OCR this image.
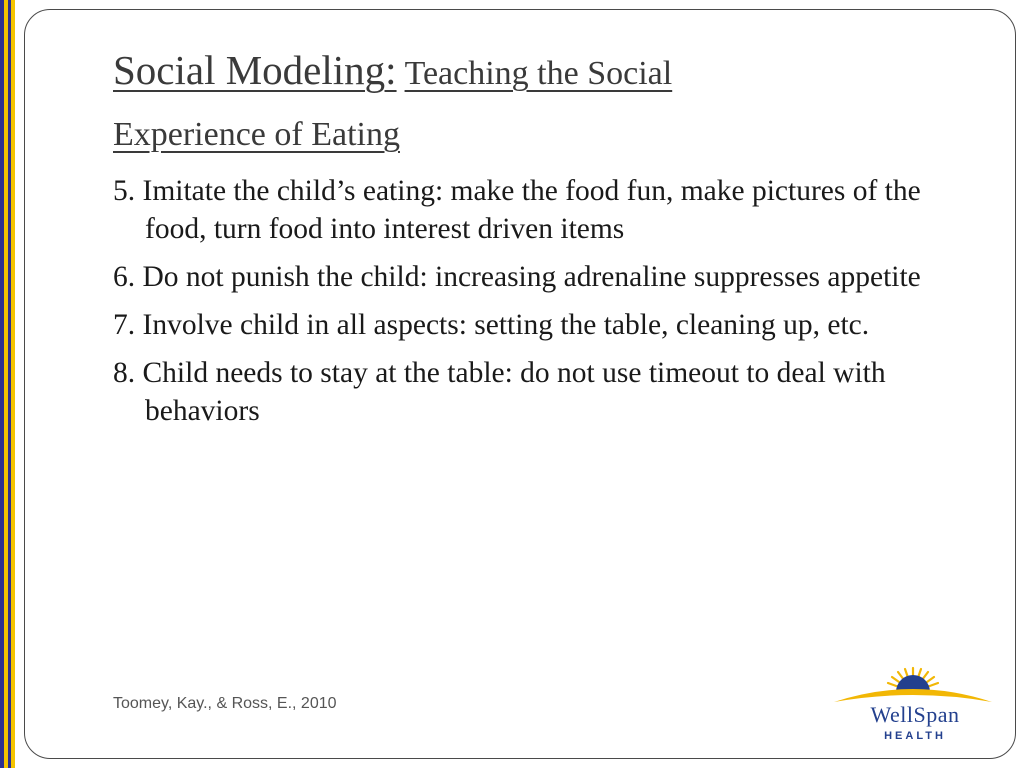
Social Modeling: Teaching the Social
Experience of Eating
5. Imitate the child’s eating: make the food fun, make pictures of the food, turn food into interest driven items
6. Do not punish the child: increasing adrenaline suppresses appetite
7. Involve child in all aspects: setting the table, cleaning up, etc.
8. Child needs to stay at the table: do not use timeout to deal with behaviors
Toomey, Kay., & Ross, E., 2010	WellSpan
HEALTH
